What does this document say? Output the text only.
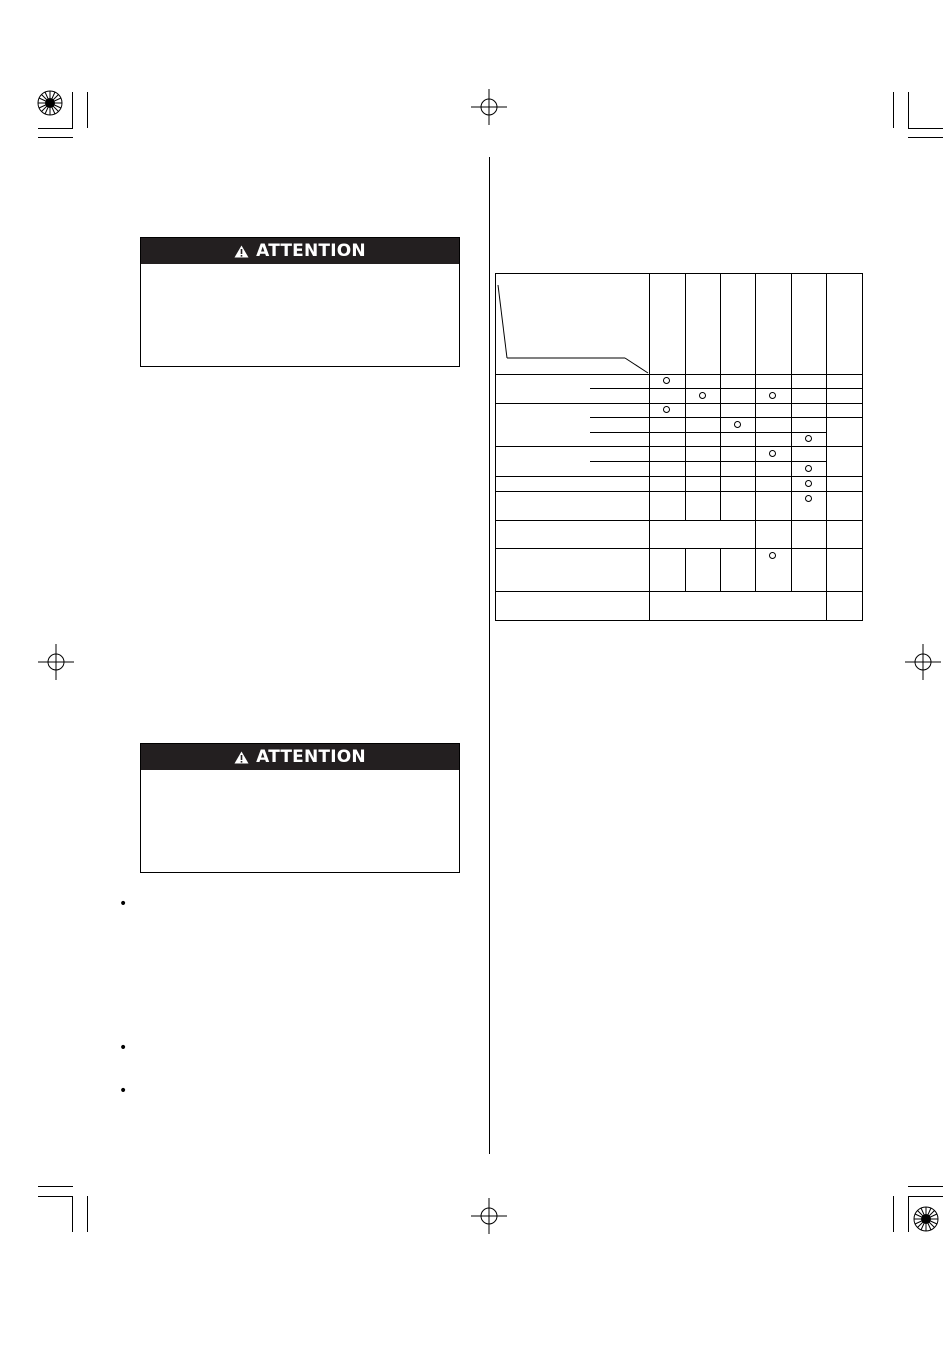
ATTENTION
ATTENTION
•
•
•
